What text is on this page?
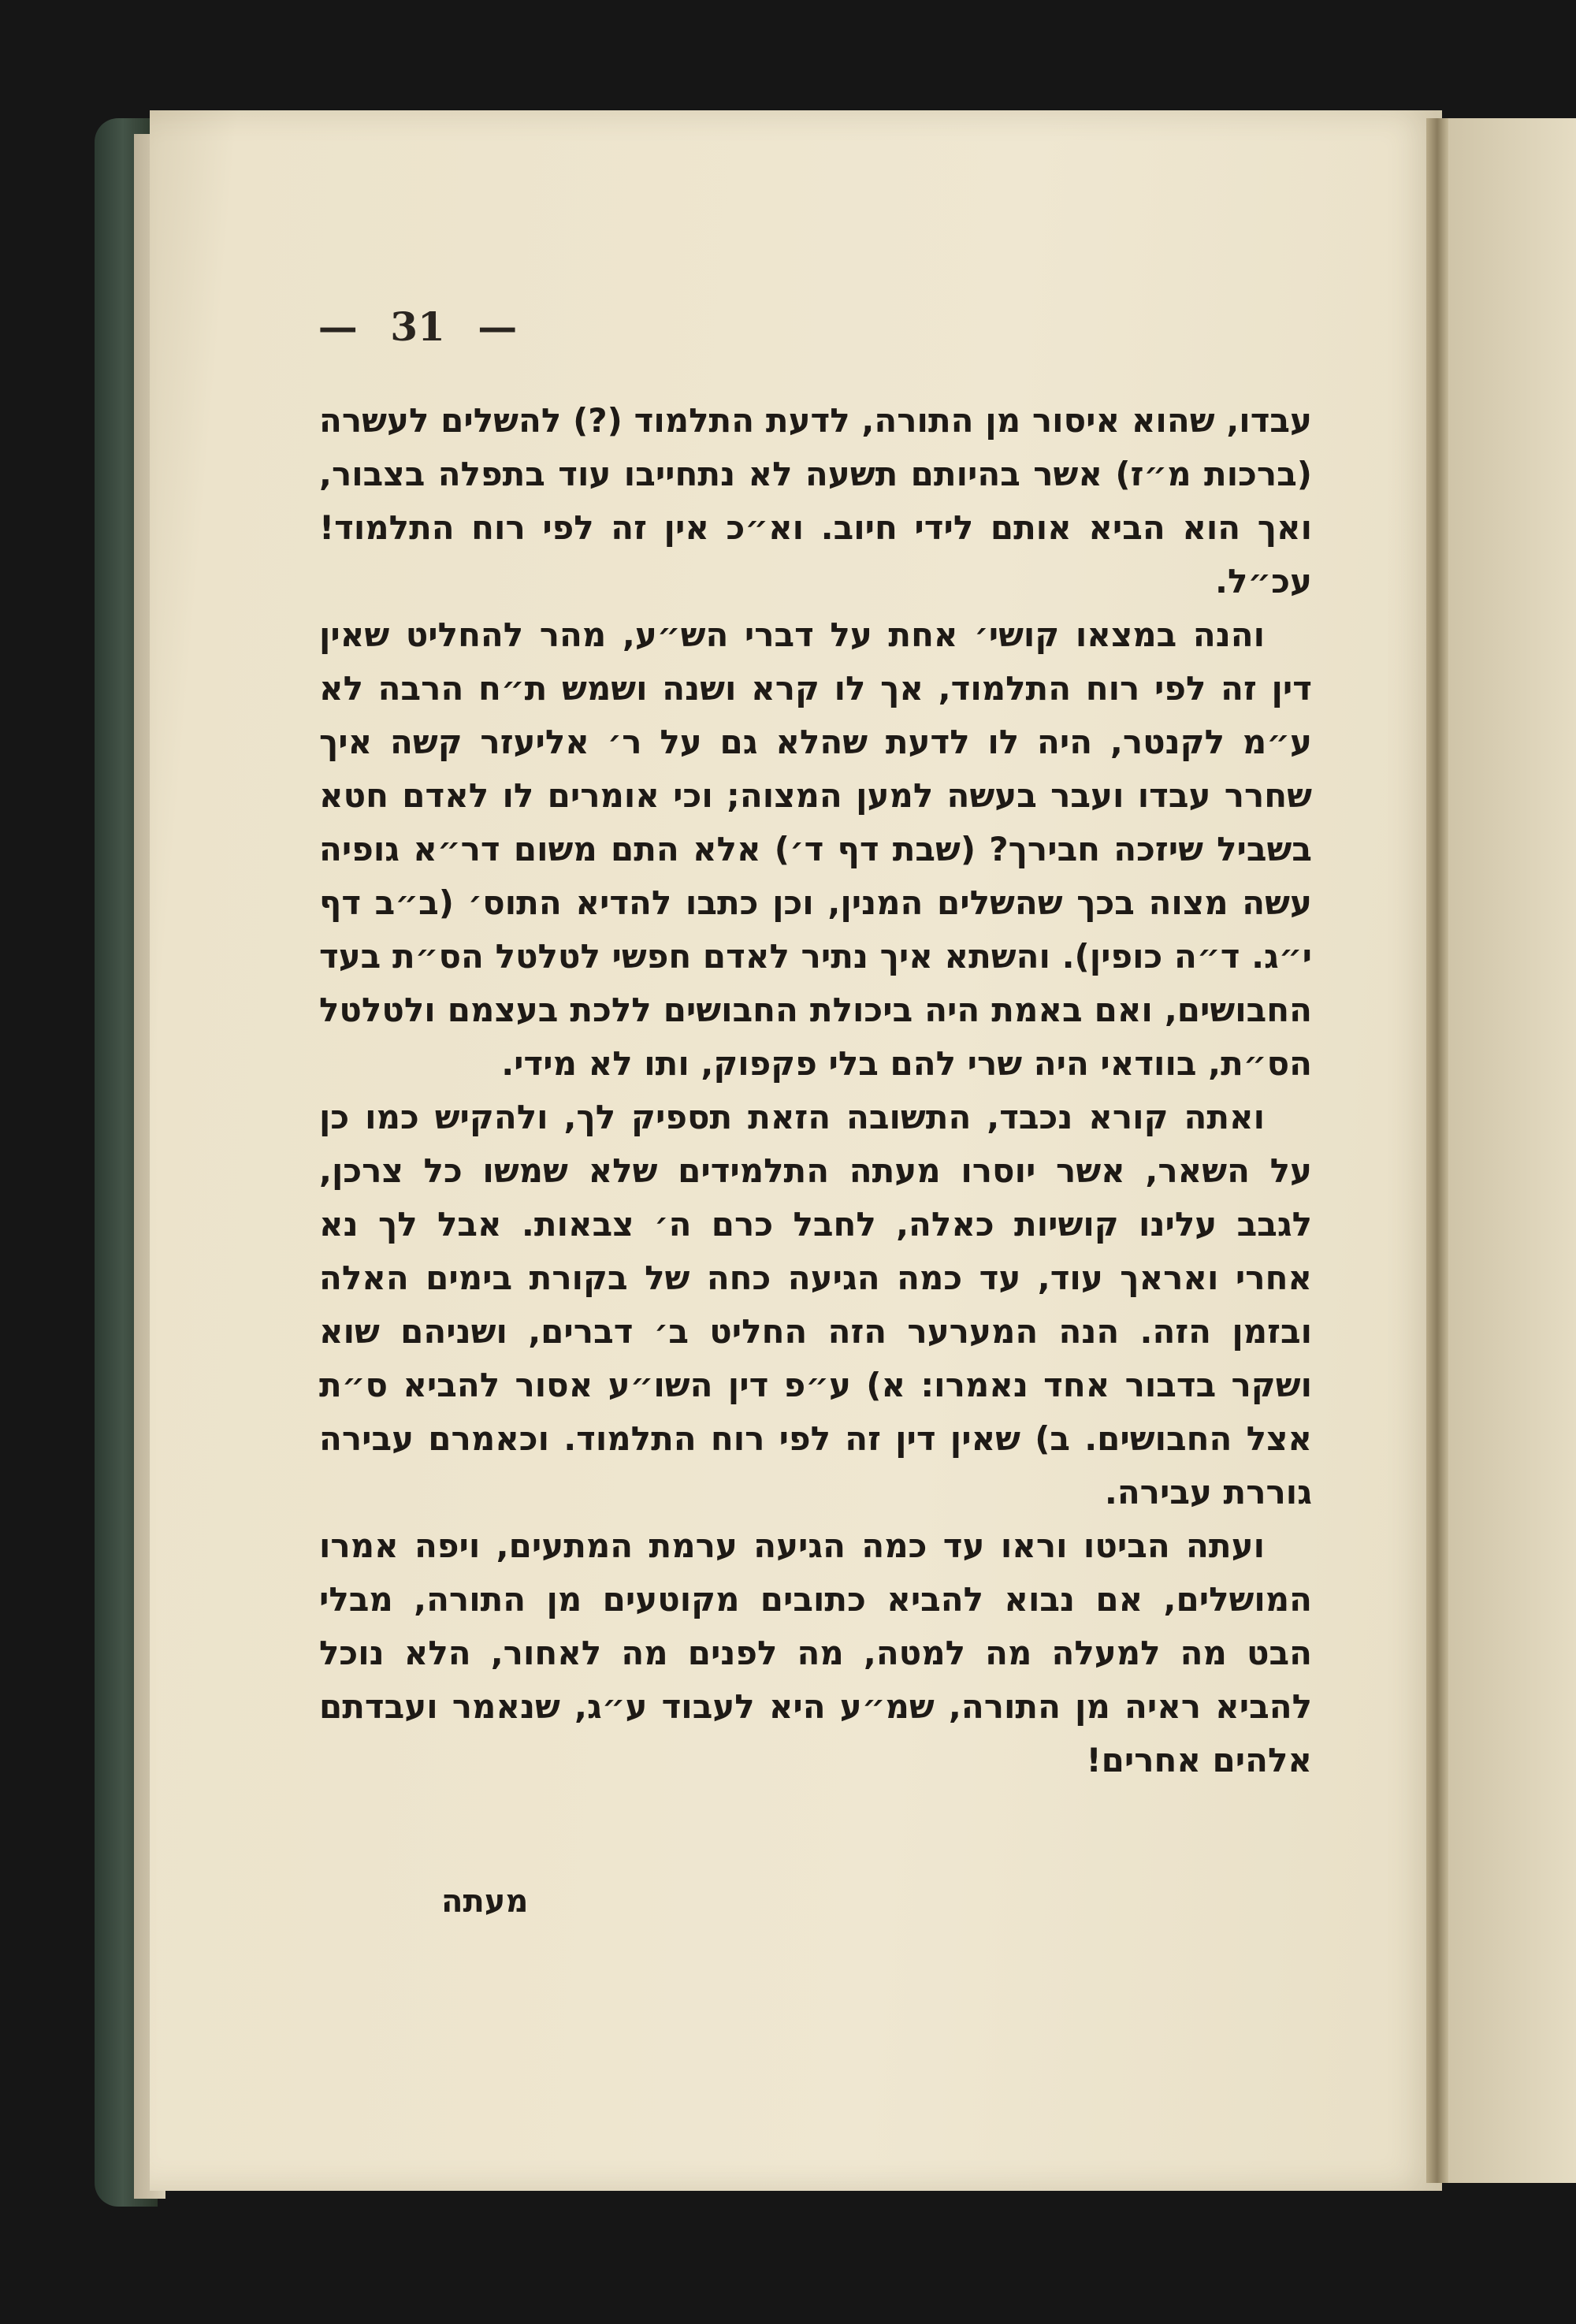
— 31 —

עבדו, שהוא איסור מן התורה, לדעת התלמוד (?) להשלים לעשרה (ברכות מ״ז) אשר בהיותם תשעה לא נתחייבו עוד בתפלה בצבור, ואך הוא הביא אותם לידי חיוב. וא״כ אין זה לפי רוח התלמוד! עכ״ל.

והנה במצאו קושי׳ אחת על דברי הש״ע, מהר להחליט שאין דין זה לפי רוח התלמוד, אך לו קרא ושנה ושמש ת״ח הרבה לא ע״מ לקנטר, היה לו לדעת שהלא גם על ר׳ אליעזר קשה איך שחרר עבדו ועבר בעשה למען המצוה; וכי אומרים לו לאדם חטא בשביל שיזכה חבירך? (שבת דף ד׳) אלא התם משום דר״א גופיה עשה מצוה בכך שהשלים המנין, וכן כתבו להדיא התוס׳ (ב״ב דף י״ג. ד״ה כופין). והשתא איך נתיר לאדם חפשי לטלטל הס״ת בעד החבושים, ואם באמת היה ביכולת החבושים ללכת בעצמם ולטלטל הס״ת, בוודאי היה שרי להם בלי פקפוק, ותו לא מידי.

ואתה קורא נכבד, התשובה הזאת תספיק לך, ולהקיש כמו כן על השאר, אשר יוסרו מעתה התלמידים שלא שמשו כל צרכן, לגבב עלינו קושיות כאלה, לחבל כרם ה׳ צבאות. אבל לך נא אחרי ואראך עוד, עד כמה הגיעה כחה של בקורת בימים האלה ובזמן הזה. הנה המערער הזה החליט ב׳ דברים, ושניהם שוא ושקר בדבור אחד נאמרו: א) ע״פ דין השו״ע אסור להביא ס״ת אצל החבושים. ב) שאין דין זה לפי רוח התלמוד. וכאמרם עבירה גוררת עבירה.

ועתה הביטו וראו עד כמה הגיעה ערמת המתעים, ויפה אמרו המושלים, אם נבוא להביא כתובים מקוטעים מן התורה, מבלי הבט מה למעלה מה למטה, מה לפנים מה לאחור, הלא נוכל להביא ראיה מן התורה, שמ״ע היא לעבוד ע״ג, שנאמר ועבדתם אלהים אחרים!

מעתה
